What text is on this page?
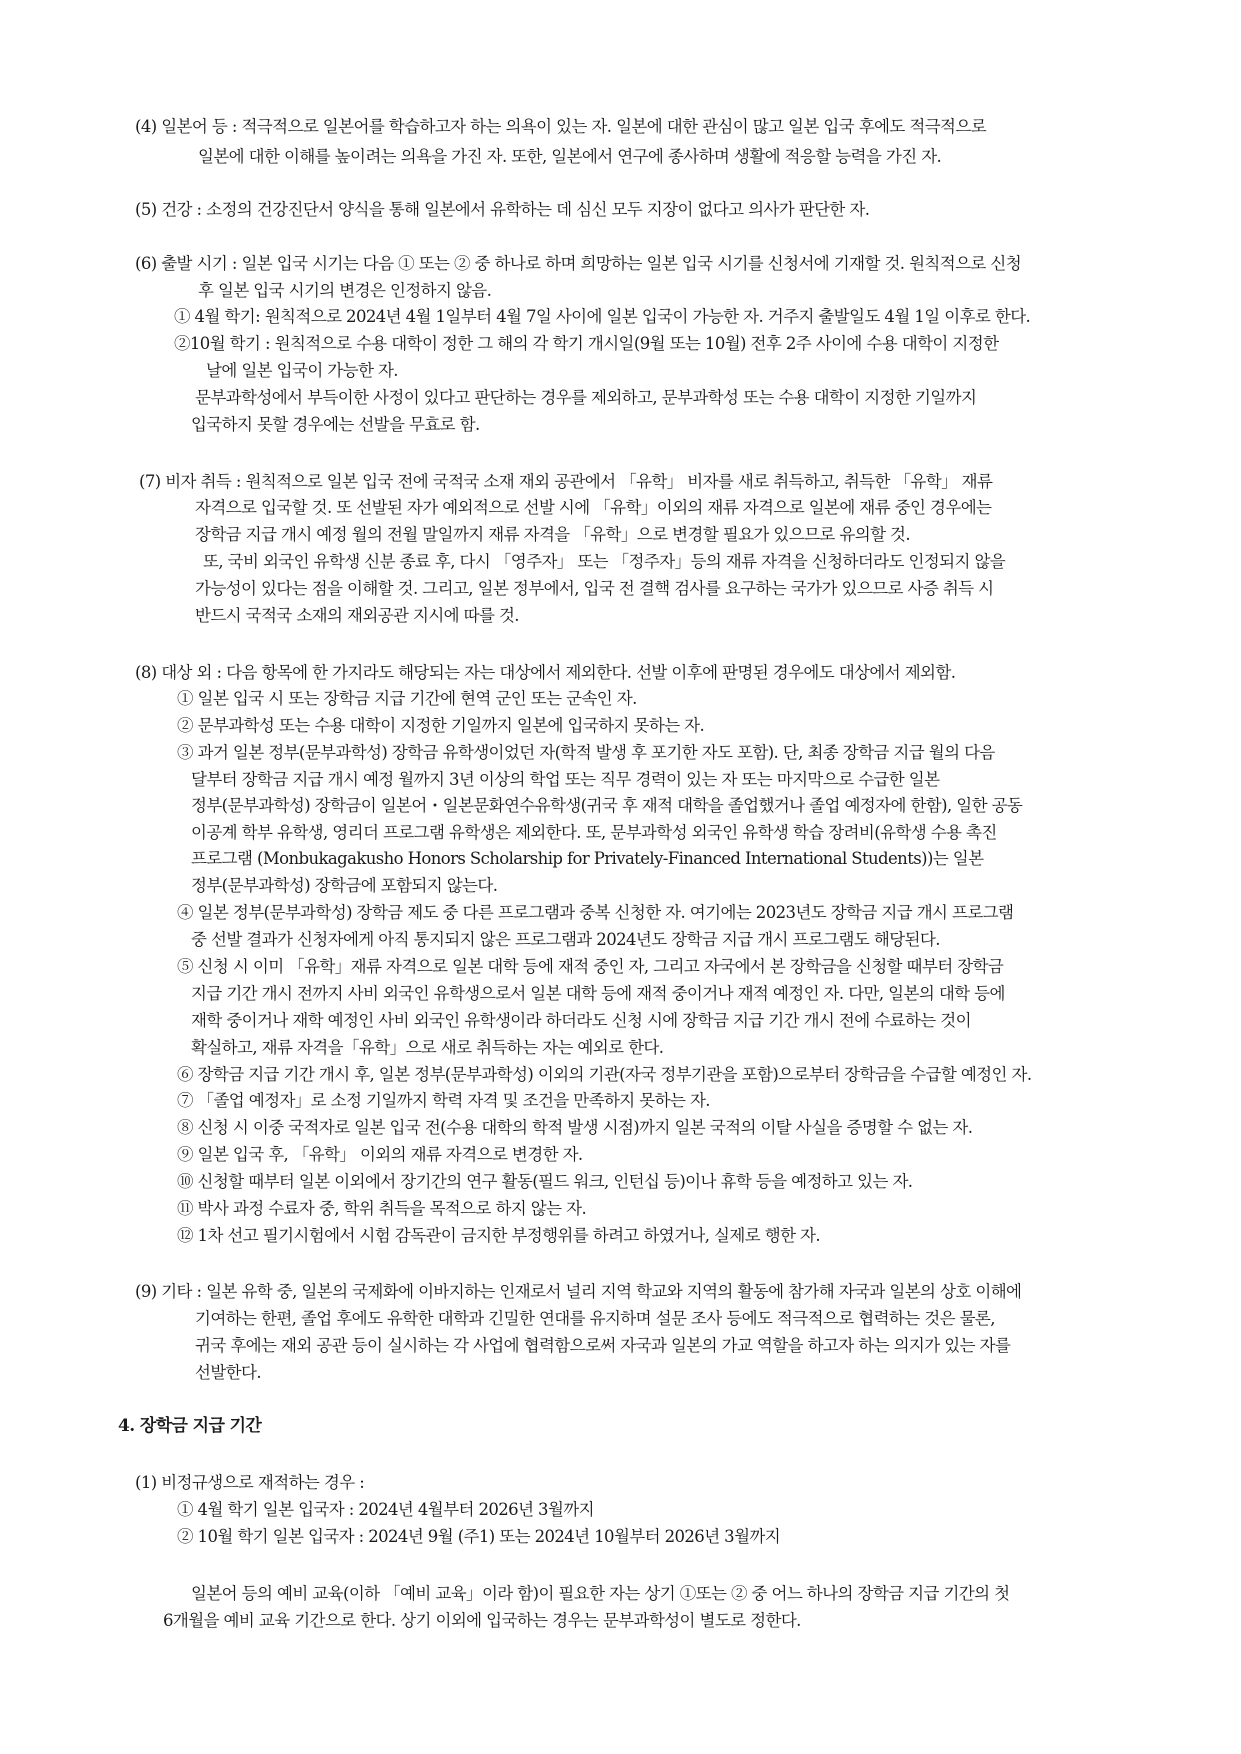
(4) 일본어 등 : 적극적으로 일본어를 학습하고자 하는 의욕이 있는 자. 일본에 대한 관심이 많고 일본 입국 후에도 적극적으로
일본에 대한 이해를 높이려는 의욕을 가진 자. 또한, 일본에서 연구에 종사하며 생활에 적응할 능력을 가진 자.
(5) 건강 : 소정의 건강진단서 양식을 통해 일본에서 유학하는 데 심신 모두 지장이 없다고 의사가 판단한 자.
(6) 출발 시기 : 일본 입국 시기는 다음 ① 또는 ② 중 하나로 하며 희망하는 일본 입국 시기를 신청서에 기재할 것. 원칙적으로 신청
후 일본 입국 시기의 변경은 인정하지 않음.
① 4월 학기: 원칙적으로 2024년 4월 1일부터 4월 7일 사이에 일본 입국이 가능한 자. 거주지 출발일도 4월 1일 이후로 한다.
②10월 학기 : 원칙적으로 수용 대학이 정한 그 해의 각 학기 개시일(9월 또는 10월) 전후 2주 사이에 수용 대학이 지정한
날에 일본 입국이 가능한 자.
문부과학성에서 부득이한 사정이 있다고 판단하는 경우를 제외하고, 문부과학성 또는 수용 대학이 지정한 기일까지
입국하지 못할 경우에는 선발을 무효로 함.
(7) 비자 취득 : 원칙적으로 일본 입국 전에 국적국 소재 재외 공관에서 「유학」 비자를 새로 취득하고, 취득한 「유학」 재류
자격으로 입국할 것. 또 선발된 자가 예외적으로 선발 시에 「유학」이외의 재류 자격으로 일본에 재류 중인 경우에는
장학금 지급 개시 예정 월의 전월 말일까지 재류 자격을 「유학」으로 변경할 필요가 있으므로 유의할 것.
또, 국비 외국인 유학생 신분 종료 후, 다시 「영주자」 또는 「정주자」등의 재류 자격을 신청하더라도 인정되지 않을
가능성이 있다는 점을 이해할 것. 그리고, 일본 정부에서, 입국 전 결핵 검사를 요구하는 국가가 있으므로 사증 취득 시
반드시 국적국 소재의 재외공관 지시에 따를 것.
(8) 대상 외 : 다음 항목에 한 가지라도 해당되는 자는 대상에서 제외한다. 선발 이후에 판명된 경우에도 대상에서 제외함.
① 일본 입국 시 또는 장학금 지급 기간에 현역 군인 또는 군속인 자.
② 문부과학성 또는 수용 대학이 지정한 기일까지 일본에 입국하지 못하는 자.
③ 과거 일본 정부(문부과학성) 장학금 유학생이었던 자(학적 발생 후 포기한 자도 포함). 단, 최종 장학금 지급 월의 다음
달부터 장학금 지급 개시 예정 월까지 3년 이상의 학업 또는 직무 경력이 있는 자 또는 마지막으로 수급한 일본
정부(문부과학성) 장학금이 일본어・일본문화연수유학생(귀국 후 재적 대학을 졸업했거나 졸업 예정자에 한함), 일한 공동
이공계 학부 유학생, 영리더 프로그램 유학생은 제외한다. 또, 문부과학성 외국인 유학생 학습 장려비(유학생 수용 촉진
프로그램 (Monbukagakusho Honors Scholarship for Privately-Financed International Students))는 일본
정부(문부과학성) 장학금에 포함되지 않는다.
④ 일본 정부(문부과학성) 장학금 제도 중 다른 프로그램과 중복 신청한 자. 여기에는 2023년도 장학금 지급 개시 프로그램
중 선발 결과가 신청자에게 아직 통지되지 않은 프로그램과 2024년도 장학금 지급 개시 프로그램도 해당된다.
⑤ 신청 시 이미 「유학」재류 자격으로 일본 대학 등에 재적 중인 자, 그리고 자국에서 본 장학금을 신청할 때부터 장학금
지급 기간 개시 전까지 사비 외국인 유학생으로서 일본 대학 등에 재적 중이거나 재적 예정인 자. 다만, 일본의 대학 등에
재학 중이거나 재학 예정인 사비 외국인 유학생이라 하더라도 신청 시에 장학금 지급 기간 개시 전에 수료하는 것이
확실하고, 재류 자격을「유학」으로 새로 취득하는 자는 예외로 한다.
⑥ 장학금 지급 기간 개시 후, 일본 정부(문부과학성) 이외의 기관(자국 정부기관을 포함)으로부터 장학금을 수급할 예정인 자.
⑦ 「졸업 예정자」로 소정 기일까지 학력 자격 및 조건을 만족하지 못하는 자.
⑧ 신청 시 이중 국적자로 일본 입국 전(수용 대학의 학적 발생 시점)까지 일본 국적의 이탈 사실을 증명할 수 없는 자.
⑨ 일본 입국 후, 「유학」 이외의 재류 자격으로 변경한 자.
⑩ 신청할 때부터 일본 이외에서 장기간의 연구 활동(필드 워크, 인턴십 등)이나 휴학 등을 예정하고 있는 자.
⑪ 박사 과정 수료자 중, 학위 취득을 목적으로 하지 않는 자.
⑫ 1차 선고 필기시험에서 시험 감독관이 금지한 부정행위를 하려고 하였거나, 실제로 행한 자.
(9) 기타 : 일본 유학 중, 일본의 국제화에 이바지하는 인재로서 널리 지역 학교와 지역의 활동에 참가해 자국과 일본의 상호 이해에
기여하는 한편, 졸업 후에도 유학한 대학과 긴밀한 연대를 유지하며 설문 조사 등에도 적극적으로 협력하는 것은 물론,
귀국 후에는 재외 공관 등이 실시하는 각 사업에 협력함으로써 자국과 일본의 가교 역할을 하고자 하는 의지가 있는 자를
선발한다.
4. 장학금 지급 기간
(1) 비정규생으로 재적하는 경우 :
① 4월 학기 일본 입국자 : 2024년 4월부터 2026년 3월까지
② 10월 학기 일본 입국자 : 2024년 9월 (주1) 또는 2024년 10월부터 2026년 3월까지
일본어 등의 예비 교육(이하 「예비 교육」이라 함)이 필요한 자는 상기 ①또는 ② 중 어느 하나의 장학금 지급 기간의 첫
6개월을 예비 교육 기간으로 한다. 상기 이외에 입국하는 경우는 문부과학성이 별도로 정한다.
